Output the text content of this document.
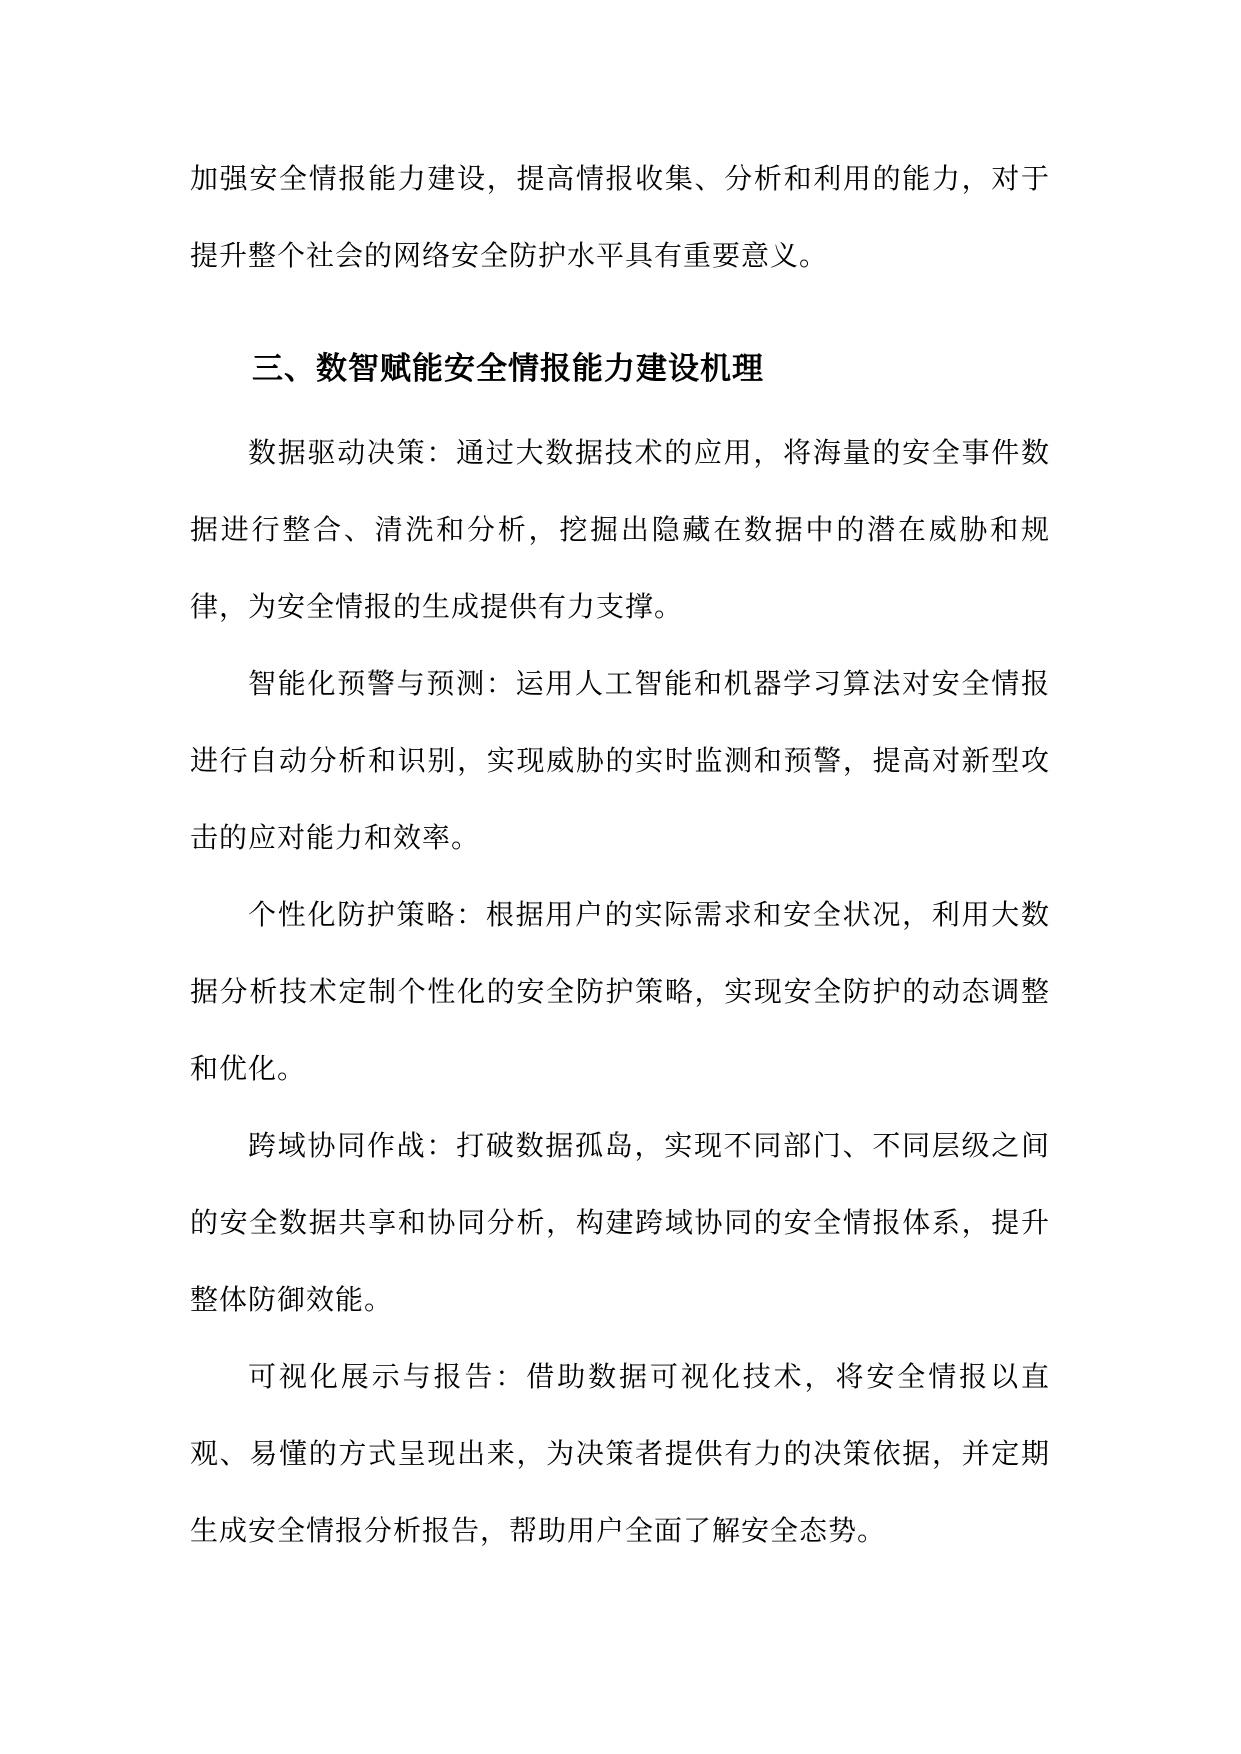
加强安全情报能力建设，提高情报收集、分析和利用的能力，对于提升整个社会的网络安全防护水平具有重要意义。

三、数智赋能安全情报能力建设机理

数据驱动决策：通过大数据技术的应用，将海量的安全事件数据进行整合、清洗和分析，挖掘出隐藏在数据中的潜在威胁和规律，为安全情报的生成提供有力支撑。

智能化预警与预测：运用人工智能和机器学习算法对安全情报进行自动分析和识别，实现威胁的实时监测和预警，提高对新型攻击的应对能力和效率。

个性化防护策略：根据用户的实际需求和安全状况，利用大数据分析技术定制个性化的安全防护策略，实现安全防护的动态调整和优化。

跨域协同作战：打破数据孤岛，实现不同部门、不同层级之间的安全数据共享和协同分析，构建跨域协同的安全情报体系，提升整体防御效能。

可视化展示与报告：借助数据可视化技术，将安全情报以直观、易懂的方式呈现出来，为决策者提供有力的决策依据，并定期生成安全情报分析报告，帮助用户全面了解安全态势。
